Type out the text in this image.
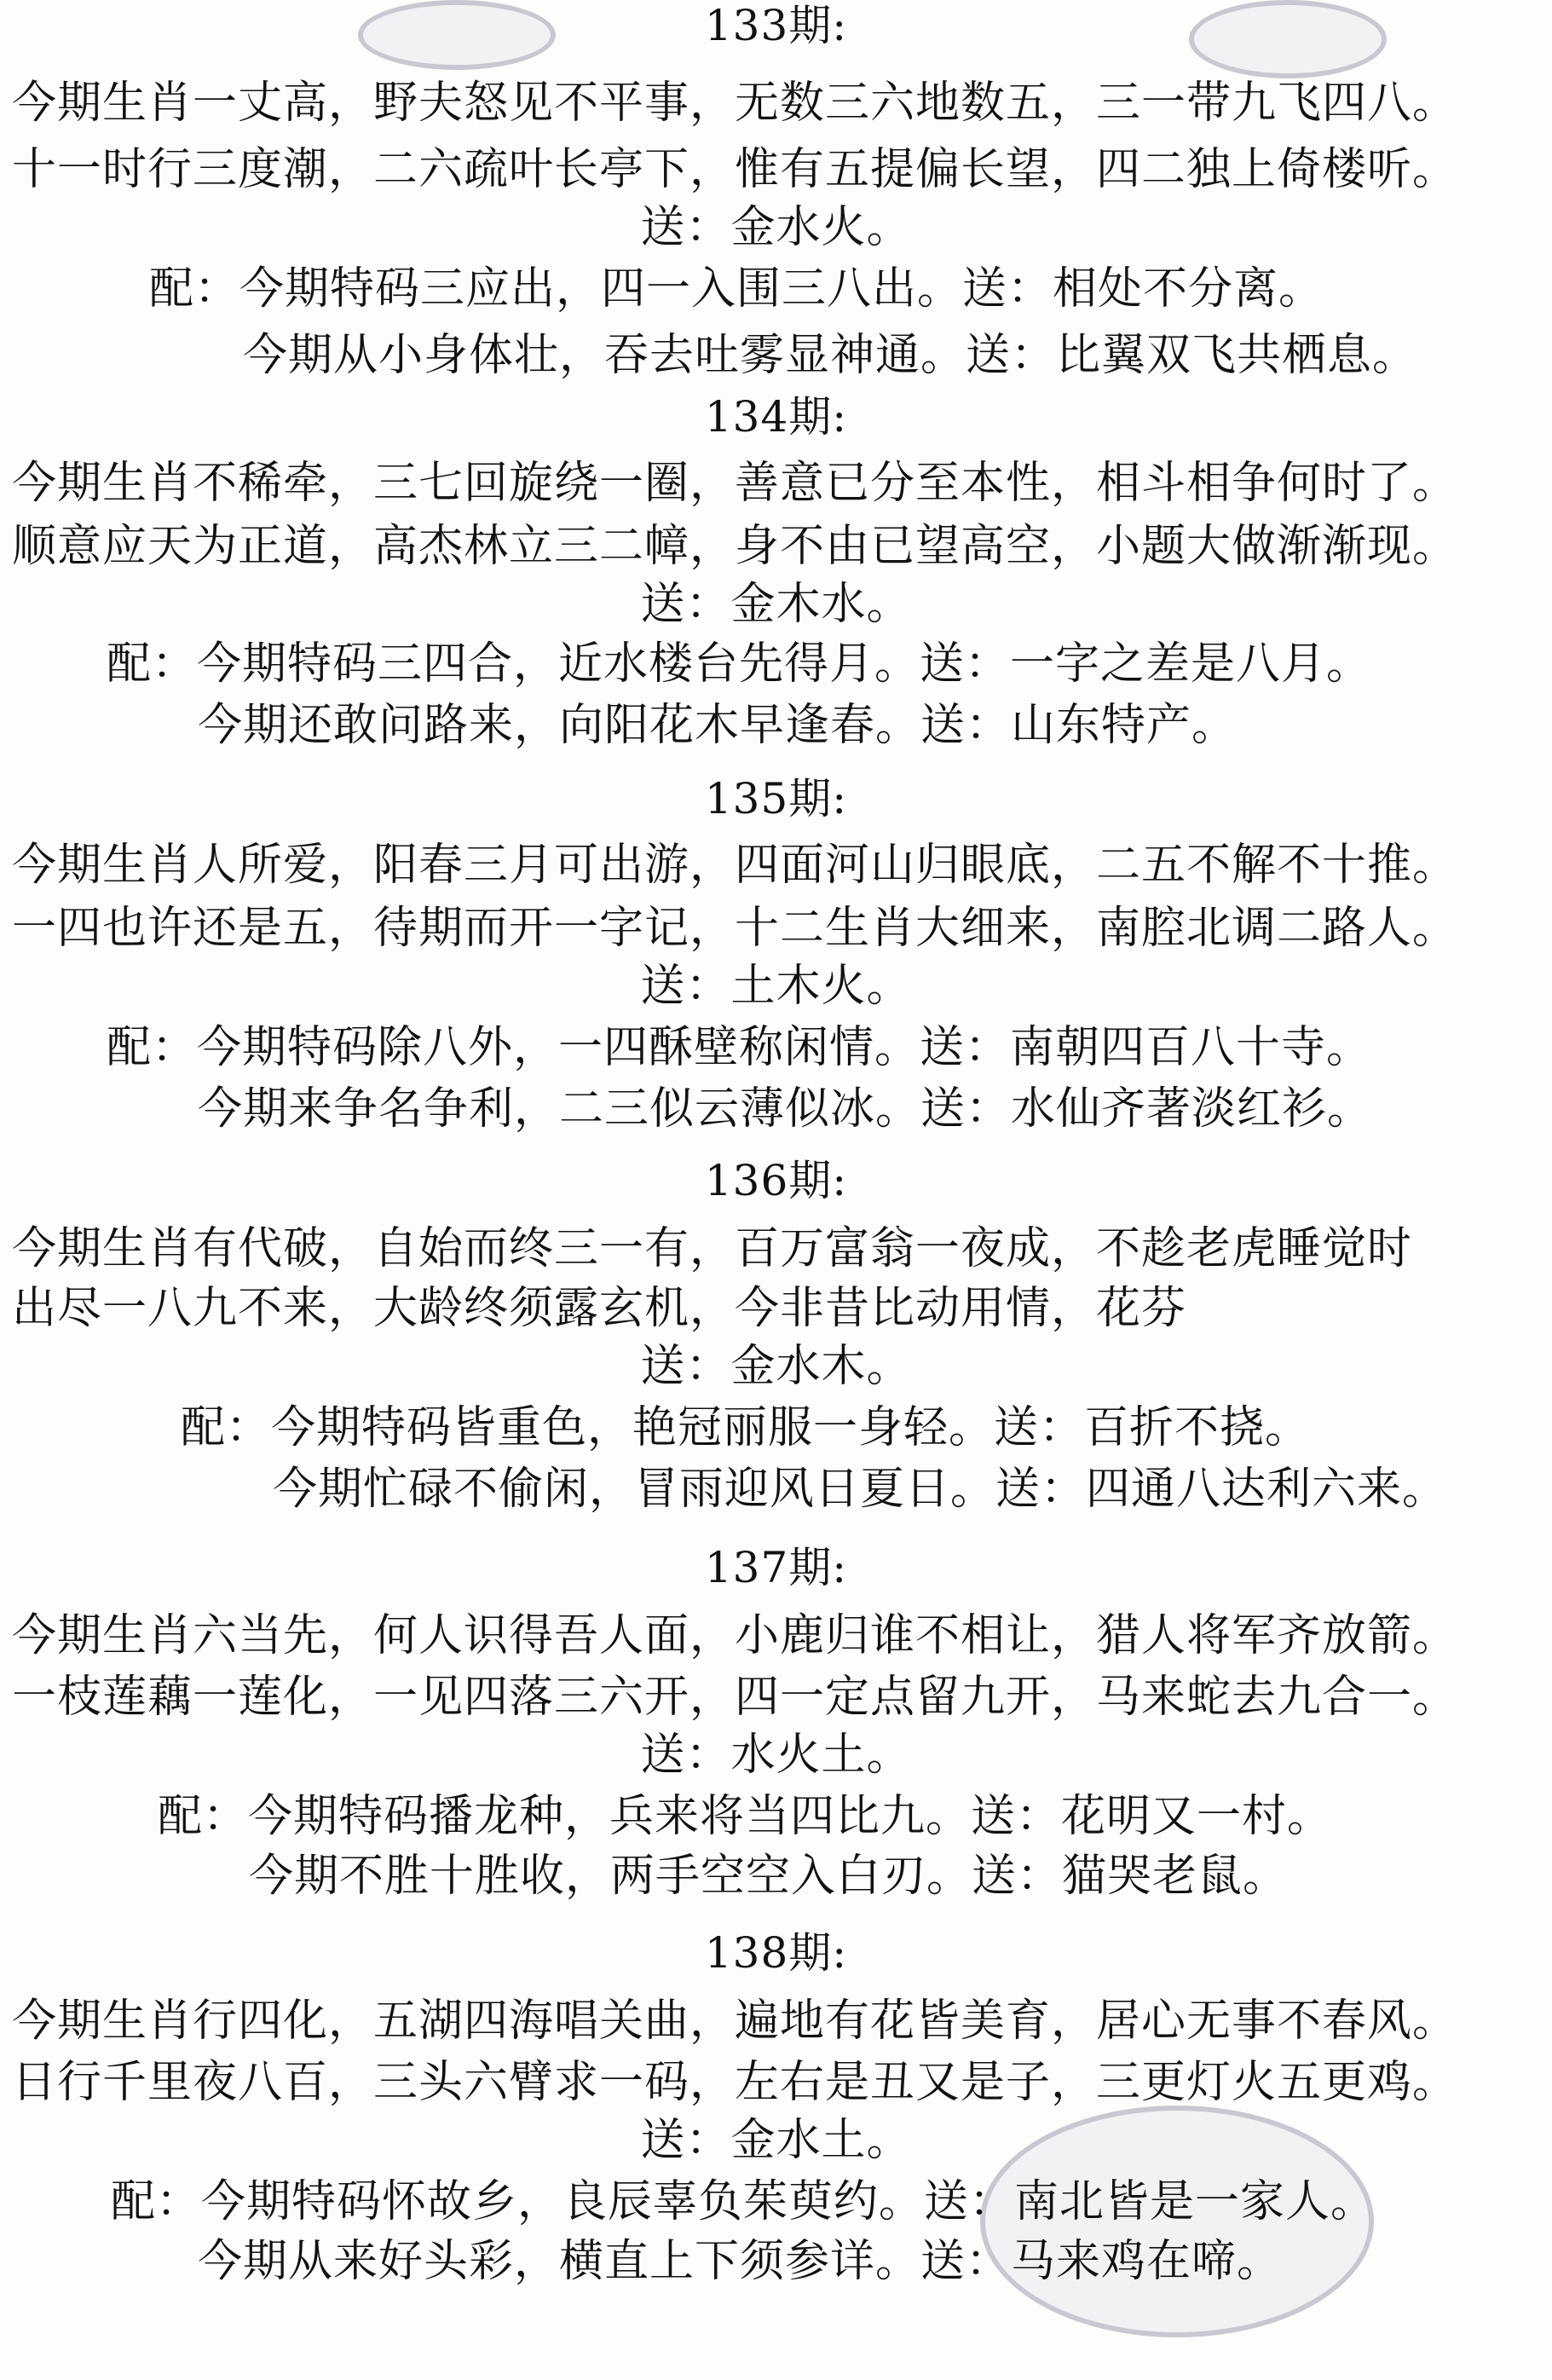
133期:
今期生肖一丈高，野夫怒见不平事，无数三六地数五，三一带九飞四八。
十一时行三度潮，二六疏叶长亭下，惟有五提偏长望，四二独上倚楼听。
送：金水火。
配：今期特码三应出，四一入围三八出。送：相处不分离。
今期从小身体壮，吞去吐雾显神通。送：比翼双飞共栖息。
134期:
今期生肖不稀牵，三七回旋绕一圈，善意已分至本性，相斗相争何时了。
顺意应天为正道，高杰林立三二幛，身不由已望高空，小题大做渐渐现。
送：金木水。
配：今期特码三四合，近水楼台先得月。送：一字之差是八月。
今期还敢问路来，向阳花木早逢春。送：山东特产。
135期:
今期生肖人所爱，阳春三月可出游，四面河山归眼底，二五不解不十推。
一四也许还是五，待期而开一字记，十二生肖大细来，南腔北调二路人。
送：土木火。
配：今期特码除八外，一四酥壁称闲情。送：南朝四百八十寺。
今期来争名争利，二三似云薄似冰。送：水仙齐著淡红衫。
136期:
今期生肖有代破，自始而终三一有，百万富翁一夜成，不趁老虎睡觉时
出尽一八九不来，大龄终须露玄机，今非昔比动用情，花芬
送：金水木。
配：今期特码皆重色，艳冠丽服一身轻。送：百折不挠。
今期忙碌不偷闲，冒雨迎风日夏日。送：四通八达利六来。
137期:
今期生肖六当先，何人识得吾人面，小鹿归谁不相让，猎人将军齐放箭。
一枝莲藕一莲化，一见四落三六开，四一定点留九开，马来蛇去九合一。
送：水火土。
配：今期特码播龙种，兵来将当四比九。送：花明又一村。
今期不胜十胜收，两手空空入白刃。送：猫哭老鼠。
138期:
今期生肖行四化，五湖四海唱关曲，遍地有花皆美育，居心无事不春风。
日行千里夜八百，三头六臂求一码，左右是丑又是子，三更灯火五更鸡。
送：金水土。
配：今期特码怀故乡，良辰辜负茱萸约。送：南北皆是一家人。
今期从来好头彩，横直上下须参详。送：马来鸡在啼。
